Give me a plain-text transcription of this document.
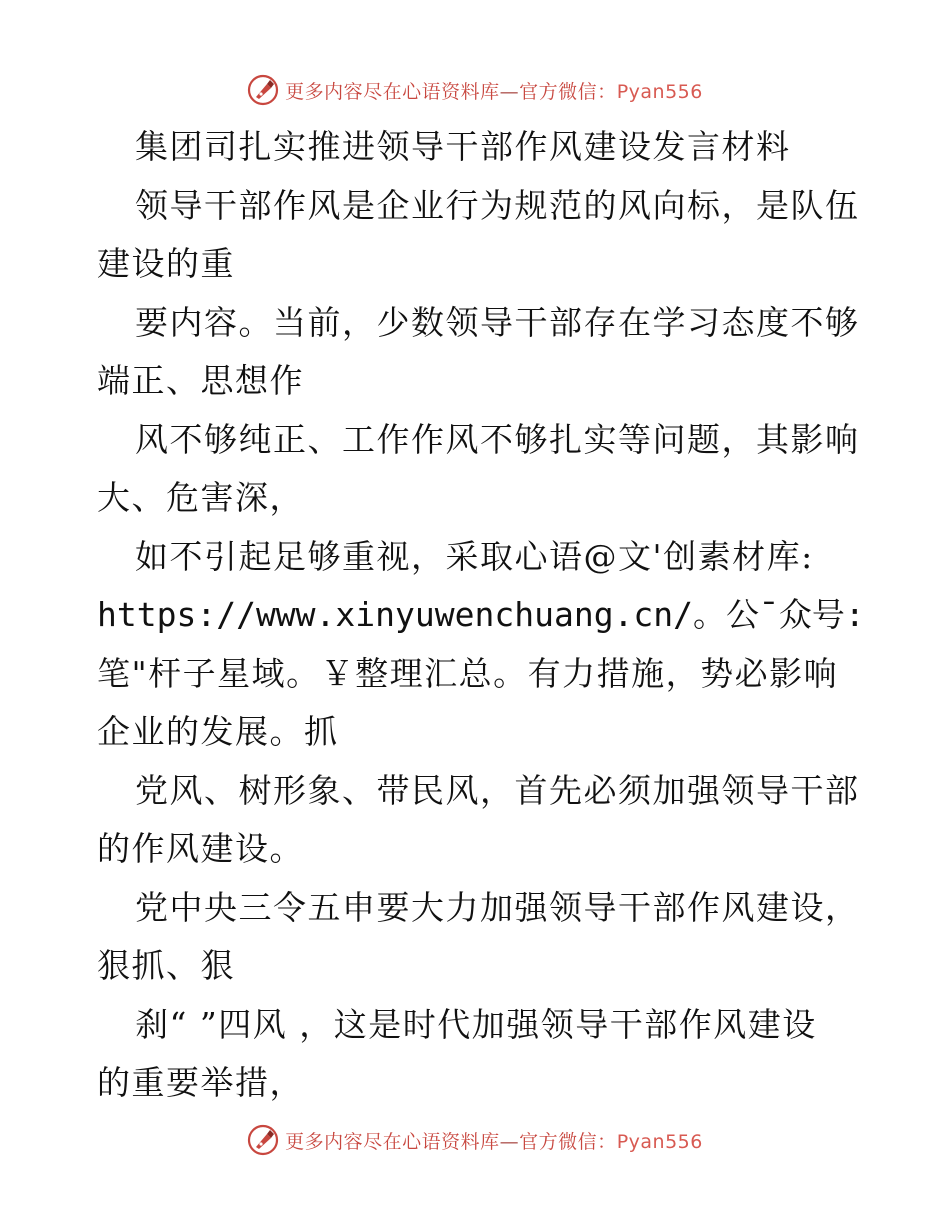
更多内容尽在心语资料库—官方微信：Pyan556
集团司扎实推进领导干部作风建设发言材料
领导干部作风是企业行为规范的风向标，是队伍
建设的重
要内容。当前，少数领导干部存在学习态度不够
端正、思想作
风不够纯正、工作作风不够扎实等问题，其影响
大、危害深，
如不引起足够重视，采取心语@文'创素材库:
https://www.xinyuwenchuang.cn/。公¯众号:
笔"杆子星域。￥整理汇总。有力措施，势必影响
企业的发展。抓
党风、树形象、带民风，首先必须加强领导干部
的作风建设。
党中央三令五申要大力加强领导干部作风建设，
狠抓、狠
刹“ ”四风 ，这是时代加强领导干部作风建设
的重要举措，
更多内容尽在心语资料库—官方微信：Pyan556
